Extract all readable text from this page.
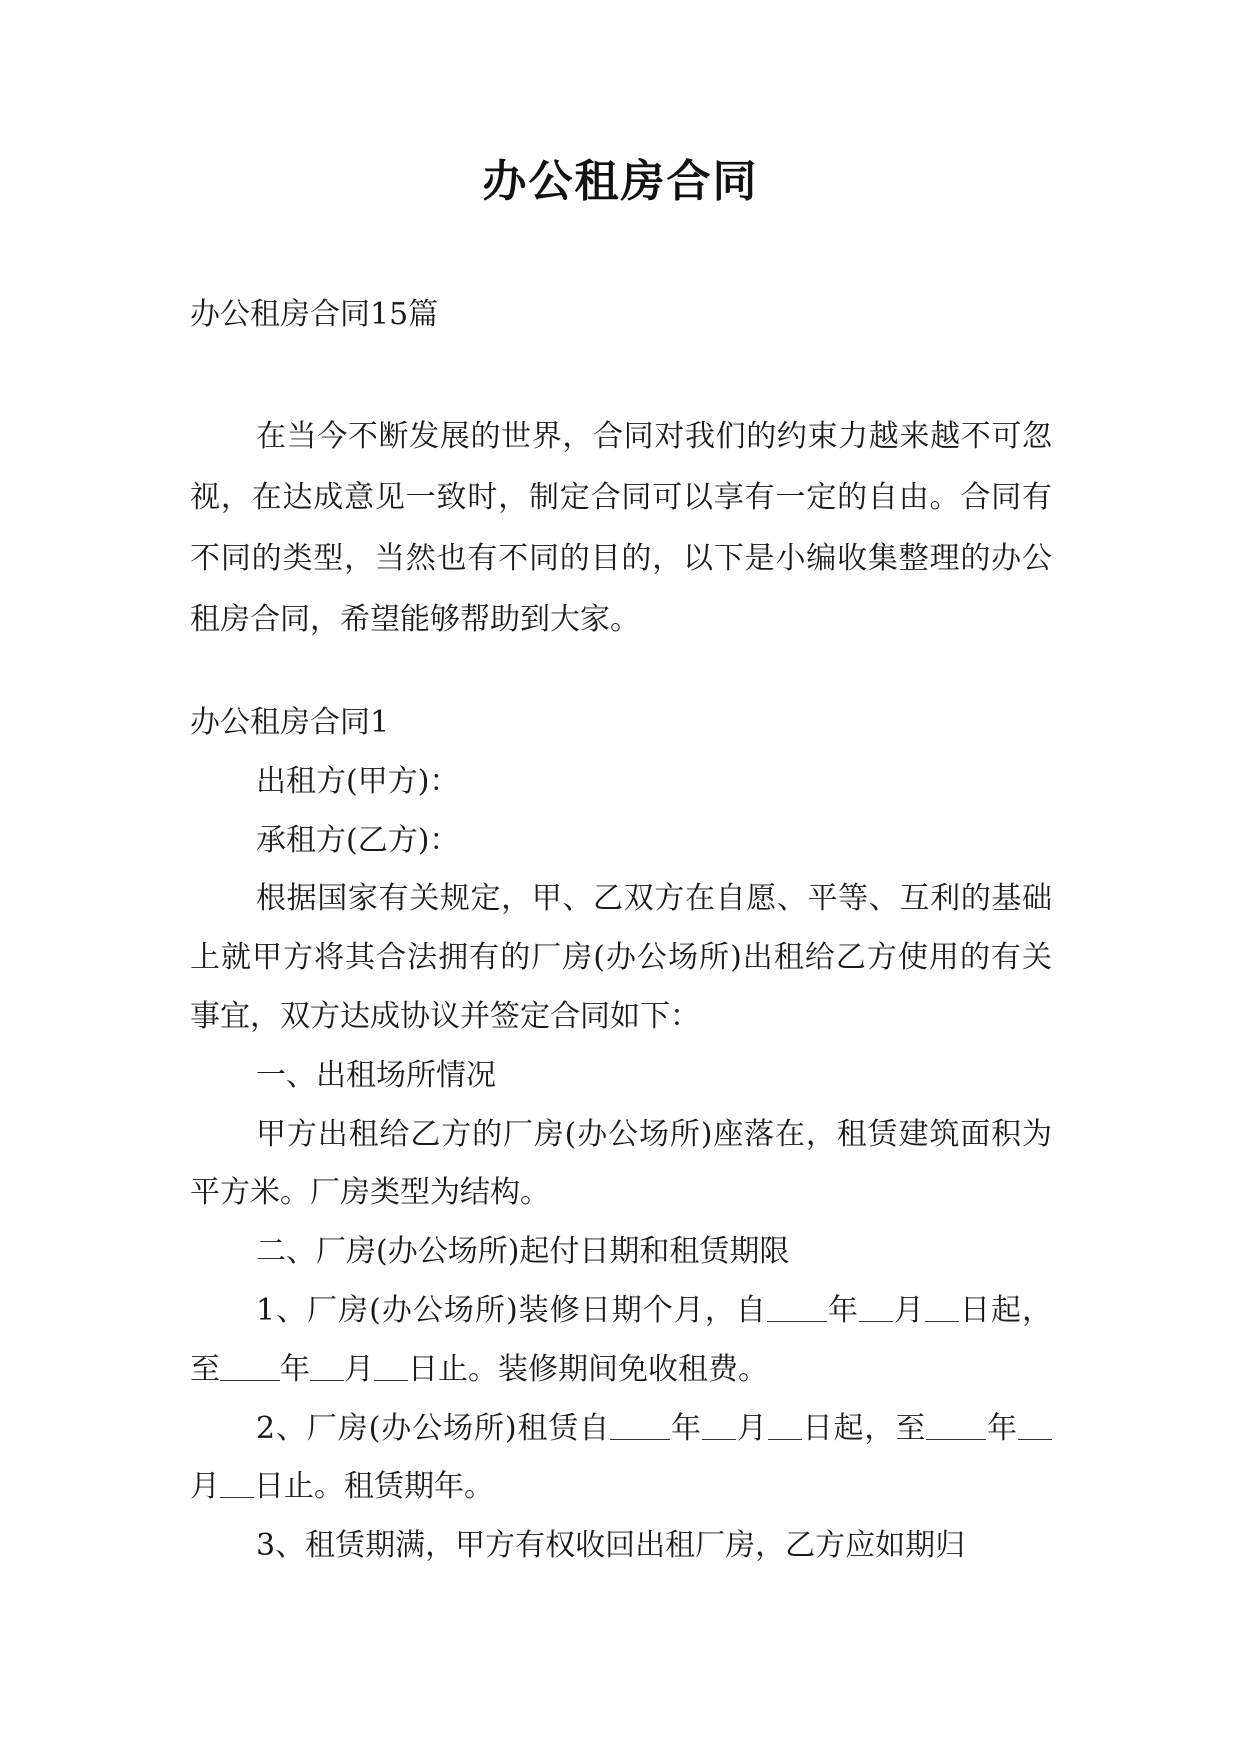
办公租房合同
办公租房合同15篇

在当今不断发展的世界，合同对我们的约束力越来越不可忽视，在达成意见一致时，制定合同可以享有一定的自由。合同有不同的类型，当然也有不同的目的，以下是小编收集整理的办公租房合同，希望能够帮助到大家。

办公租房合同1

出租方(甲方)：

承租方(乙方)：

根据国家有关规定，甲、乙双方在自愿、平等、互利的基础上就甲方将其合法拥有的厂房(办公场所)出租给乙方使用的有关事宜，双方达成协议并签定合同如下：

一、出租场所情况

甲方出租给乙方的厂房(办公场所)座落在，租赁建筑面积为平方米。厂房类型为结构。

二、厂房(办公场所)起付日期和租赁期限

1、厂房(办公场所)装修日期个月，自 年 月 日起，至 年 月 日止。装修期间免收租费。

2、厂房(办公场所)租赁自 年 月 日起，至 年月 日止。租赁期年。

3、租赁期满，甲方有权收回出租厂房，乙方应如期归
